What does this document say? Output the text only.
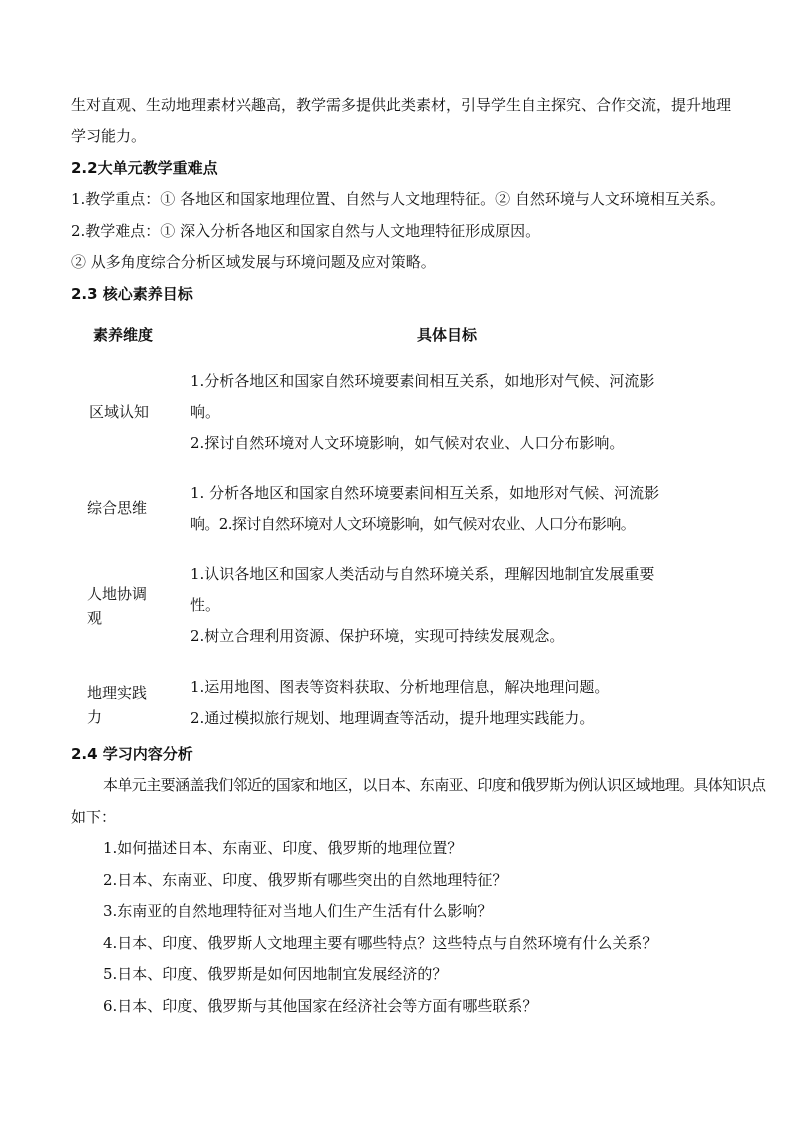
生对直观、生动地理素材兴趣高，教学需多提供此类素材，引导学生自主探究、合作交流，提升地理
学习能力。
2.2大单元教学重难点
1.教学重点：① 各地区和国家地理位置、自然与人文地理特征。② 自然环境与人文环境相互关系。
2.教学难点：① 深入分析各地区和国家自然与人文地理特征形成原因。
② 从多角度综合分析区域发展与环境问题及应对策略。
2.3 核心素养目标
素养维度	具体目标
区域认知
1.分析各地区和国家自然环境要素间相互关系，如地形对气候、河流影
响。
2.探讨自然环境对人文环境影响，如气候对农业、人口分布影响。
综合思维
1. 分析各地区和国家自然环境要素间相互关系，如地形对气候、河流影
响。2.探讨自然环境对人文环境影响，如气候对农业、人口分布影响。
人地协调
观
1.认识各地区和国家人类活动与自然环境关系，理解因地制宜发展重要
性。
2.树立合理利用资源、保护环境，实现可持续发展观念。
地理实践
力
1.运用地图、图表等资料获取、分析地理信息，解决地理问题。
2.通过模拟旅行规划、地理调查等活动，提升地理实践能力。
2.4 学习内容分析
本单元主要涵盖我们邻近的国家和地区，以日本、东南亚、印度和俄罗斯为例认识区域地理。具体知识点
如下：
1.如何描述日本、东南亚、印度、俄罗斯的地理位置？
2.日本、东南亚、印度、俄罗斯有哪些突出的自然地理特征？
3.东南亚的自然地理特征对当地人们生产生活有什么影响？
4.日本、印度、俄罗斯人文地理主要有哪些特点？这些特点与自然环境有什么关系？
5.日本、印度、俄罗斯是如何因地制宜发展经济的？
6.日本、印度、俄罗斯与其他国家在经济社会等方面有哪些联系？
